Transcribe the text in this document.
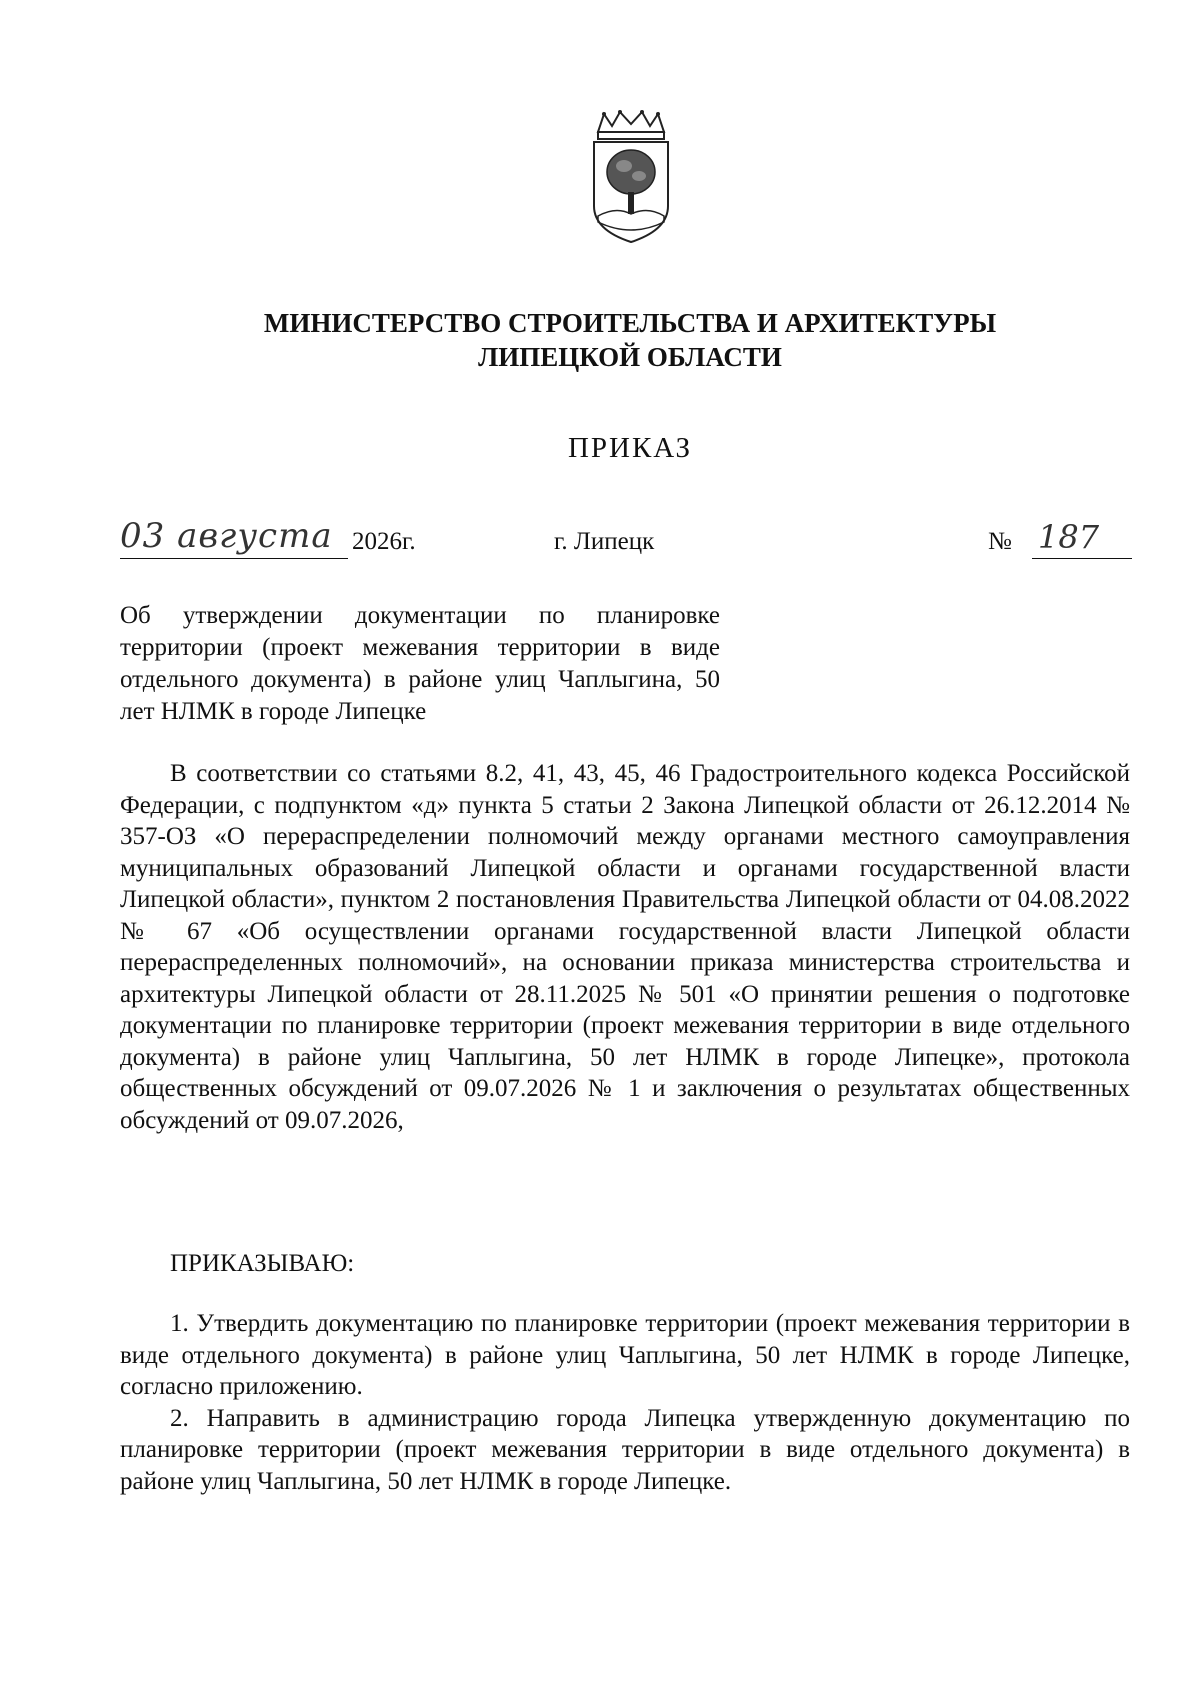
МИНИСТЕРСТВО СТРОИТЕЛЬСТВА И АРХИТЕКТУРЫ
ЛИПЕЦКОЙ ОБЛАСТИ
ПРИКАЗ
03 августа 2026г.	г. Липецк	№ 187

Об утверждении документации по планировке территории (проект межевания территории в виде отдельного документа) в районе улиц Чаплыгина, 50 лет НЛМК в городе Липецке

В соответствии со статьями 8.2, 41, 43, 45, 46 Градостроительного кодекса Российской Федерации, с подпунктом «д» пункта 5 статьи 2 Закона Липецкой области от 26.12.2014 № 357-ОЗ «О перераспределении полномочий между органами местного самоуправления муниципальных образований Липецкой области и органами государственной власти Липецкой области», пунктом 2 постановления Правительства Липецкой области от 04.08.2022 № 67 «Об осуществлении органами государственной власти Липецкой области перераспределенных полномочий», на основании приказа министерства строительства и архитектуры Липецкой области от 28.11.2025 № 501 «О принятии решения о подготовке документации по планировке территории (проект межевания территории в виде отдельного документа) в районе улиц Чаплыгина, 50 лет НЛМК в городе Липецке», протокола общественных обсуждений от 09.07.2026 № 1 и заключения о результатах общественных обсуждений от 09.07.2026,

ПРИКАЗЫВАЮ:

1. Утвердить документацию по планировке территории (проект межевания территории в виде отдельного документа) в районе улиц Чаплыгина, 50 лет НЛМК в городе Липецке, согласно приложению.
2. Направить в администрацию города Липецка утвержденную документацию по планировке территории (проект межевания территории в виде отдельного документа) в районе улиц Чаплыгина, 50 лет НЛМК в городе Липецке.
